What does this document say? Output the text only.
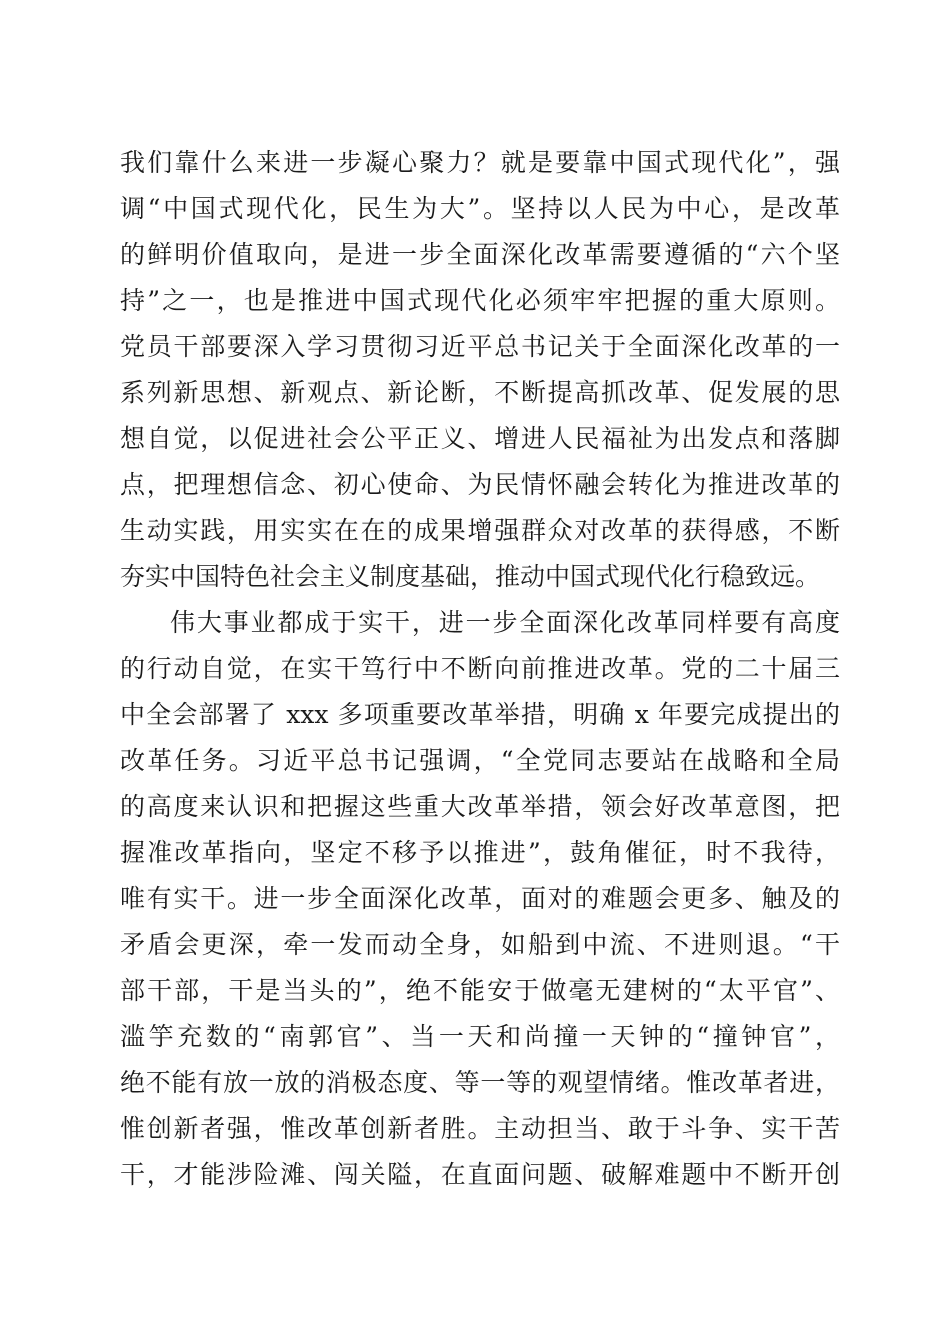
我们靠什么来进一步凝心聚力？就是要靠中国式现代化”，强
调“中国式现代化，民生为大”。坚持以人民为中心，是改革
的鲜明价值取向，是进一步全面深化改革需要遵循的“六个坚
持”之一，也是推进中国式现代化必须牢牢把握的重大原则。
党员干部要深入学习贯彻习近平总书记关于全面深化改革的一
系列新思想、新观点、新论断，不断提高抓改革、促发展的思
想自觉，以促进社会公平正义、增进人民福祉为出发点和落脚
点，把理想信念、初心使命、为民情怀融会转化为推进改革的
生动实践，用实实在在的成果增强群众对改革的获得感，不断
夯实中国特色社会主义制度基础，推动中国式现代化行稳致远。
伟大事业都成于实干，进一步全面深化改革同样要有高度
的行动自觉，在实干笃行中不断向前推进改革。党的二十届三
中全会部署了 xxx 多项重要改革举措，明确 x 年要完成提出的
改革任务。习近平总书记强调，“全党同志要站在战略和全局
的高度来认识和把握这些重大改革举措，领会好改革意图，把
握准改革指向，坚定不移予以推进”，鼓角催征，时不我待，
唯有实干。进一步全面深化改革，面对的难题会更多、触及的
矛盾会更深，牵一发而动全身，如船到中流、不进则退。“干
部干部，干是当头的”，绝不能安于做毫无建树的“太平官”、
滥竽充数的“南郭官”、当一天和尚撞一天钟的“撞钟官”，
绝不能有放一放的消极态度、等一等的观望情绪。惟改革者进，
惟创新者强，惟改革创新者胜。主动担当、敢于斗争、实干苦
干，才能涉险滩、闯关隘，在直面问题、破解难题中不断开创
